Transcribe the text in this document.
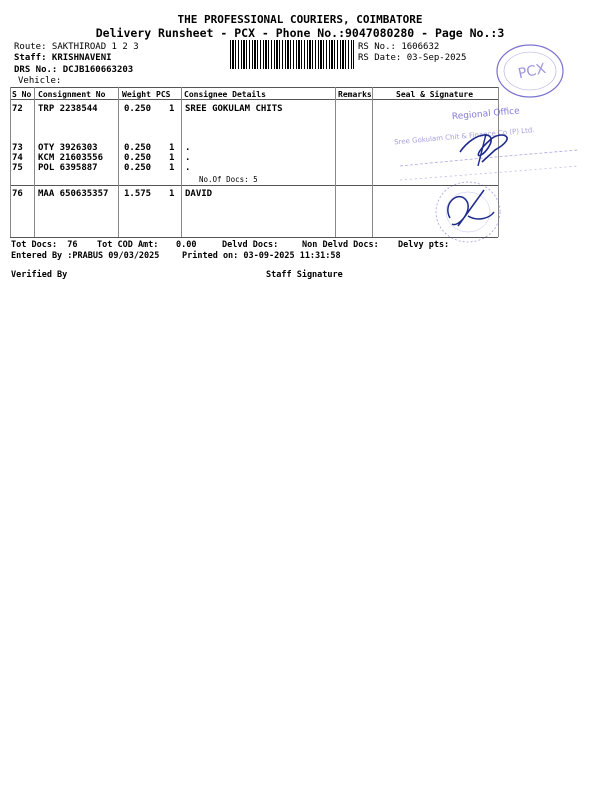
THE PROFESSIONAL COURIERS, COIMBATORE
Delivery Runsheet - PCX - Phone No.:9047080280 - Page No.:3
Route: SAKTHIROAD 1 2 3
Staff: KRISHNAVENI
DRS No.: DCJB160663203
Vehicle:
RS No.: 1606632
RS Date: 03-Sep-2025
PCX
S No Consignment No Weight PCS Consignee Details	Remarks	Seal & Signature
72 TRP 2238544	0.250 1 SREE GOKULAM CHITS
73 OTY 3926303	0.250 1 .
74 KCM 21603556 0.250 1 .
75 POL 6395887	0.250 1 .
No.Of Docs: 5
76 MAA 650635357 1.575 1 DAVID
Regional Office
Sree Gokulam Chit & Finance Co (P) Ltd.
Tot Docs:  76 Tot COD Amt: 0.00	Delvd Docs:	Non Delvd Docs: Delvy pts:
Entered By :PRABUS 09/03/2025	Printed on: 03-09-2025 11:31:58
Verified By	Staff Signature
